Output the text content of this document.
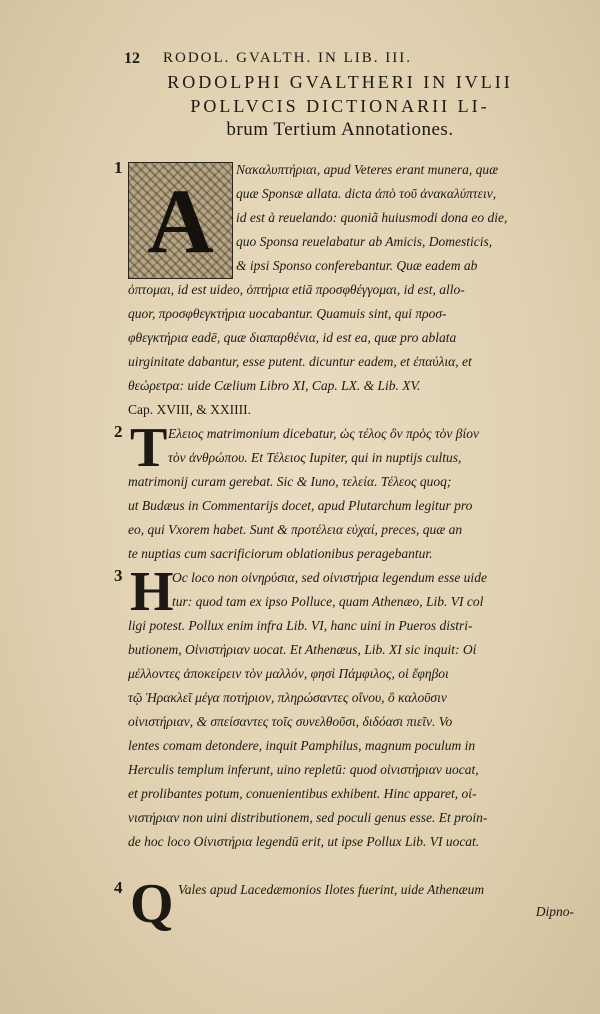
12 RODOL. GVALTH. IN LIB. III.
RODOLPHI GVALTHERI IN IVLII
POLLVCIS DICTIONARII LI-
brum Tertium Annotationes.
1
A Νακαλυπτήριαι, apud Veteres erant munera, quæ
quæ Sponsæ allata. dicta ἀπὸ τοῦ ἀνακαλύπτειν,
id est à reuelando: quoniã huiusmodi dona eo die,
quo Sponsa reuelabatur ab Amicis, Domesticis,
& ipsi Sponso conferebantur. Quæ eadem ab
ὀπτομαι, id est uideo, ὀπτήρια etiā προσφθέγγομαι, id est, allo-
quor, προσφθεγκτήρια uocabantur. Quamuis sint, qui προσ-
φθεγκτήρια eadē, quæ διαπαρθένια, id est ea, quæ pro ablata
uirginitate dabantur, esse putent. dicuntur eadem, et ἐπαύλια, et
θεώρετρα: uide Cælium Libro XI, Cap. LX. & Lib. XV.
Cap. XVIII, & XXIIII.
2 T Ελειος matrimonium dicebatur, ὡς τέλος ὂν πρὸς τὸν βίον
τὸν ἀνθρώπου. Et Τέλειος Iupiter, qui in nuptijs cultus,
matrimonij curam gerebat. Sic & Iuno, τελεία. Τέλεος quoq;
ut Budæus in Commentarijs docet, apud Plutarchum legitur pro
eo, qui Vxorem habet. Sunt & προτέλεια εὐχαί, preces, quæ an
te nuptias cum sacrificiorum oblationibus peragebantur.
3 H
Oc loco non οἰνηρύσια, sed οἰνιστήρια legendum esse uide
tur: quod tam ex ipso Polluce, quam Athenæo, Lib. VI col
ligi potest. Pollux enim infra Lib. VI, hanc uini in Pueros distri-
butionem, Οἰνιστήριαν uocat. Et Athenæus, Lib. XI sic inquit: Οἱ
μέλλοντες ἀποκείρειν τὸν μαλλόν, φησὶ Πάμφιλος, οἱ ἔφηβοι
τῷ Ἡρακλεῖ μέγα ποτήριον, πληρώσαντες οἴνου, ὃ καλοῦσιν
οἰνιστήριαν, & σπείσαντες τοῖς συνελθοῦσι, διδόασι πιεῖν. Vo
lentes comam detondere, inquit Pamphilus, magnum poculum in
Herculis templum inferunt, uino repletū: quod οἰνιστήριαν uocat,
et prolibantes potum, conuenientibus exhibent. Hinc apparet, οἰ-
νιστήριαν non uini distributionem, sed poculi genus esse. Et proin-
de hoc loco Οἰνιστήρια legendū erit, ut ipse Pollux Lib. VI uocat.
4 Q Vales apud Lacedæmonios Ilotes fuerint, uide Athenæum
Dipno-
